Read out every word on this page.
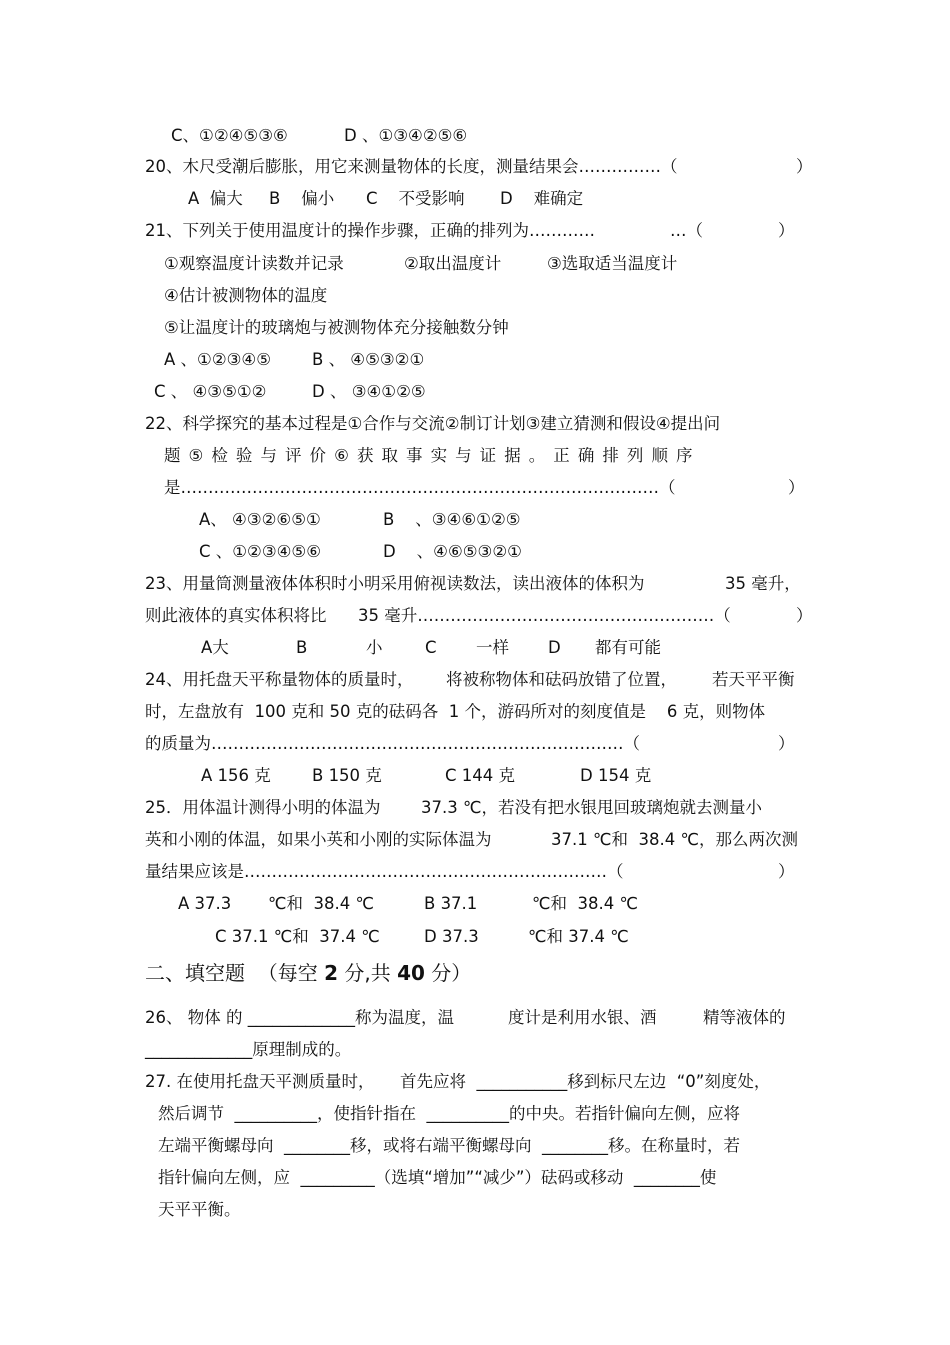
C、①②④⑤③⑥	D 、①③④②⑤⑥
20、木尺受潮后膨胀，用它来测量物体的长度，测量结果会……………（	）
A  偏大 B    偏小 C    不受影响 D    难确定
21、下列关于使用温度计的操作步骤，正确的排列为…………	…（	）
①观察温度计读数并记录	②取出温度计	③选取适当温度计
④估计被测物体的温度
⑤让温度计的玻璃炮与被测物体充分接触数分钟
A 、①②③④⑤ B 、 ④⑤③②①
C 、 ④③⑤①②	D 、 ③④①②⑤
22、科学探究的基本过程是①合作与交流②制订计划③建立猜测和假设④提出问
题 ⑤ 检 验 与 评 价 ⑥ 获 取 事 实 与 证 据 。 正 确 排 列 顺 序
是……………………………………………………………………………（	）
A、 ④③②⑥⑤①	B    、③④⑥①②⑤
C 、①②③④⑤⑥	D    、④⑥⑤③②①
23、用量筒测量液体体积时小明采用俯视读数法，读出液体的体积为	35 毫升，
则此液体的真实体积将比 35 毫升………………………………………………（	）
A大	B	小	C 一样 D 都有可能
24、用托盘天平称量物体的质量时， 将被称物体和砝码放错了位置， 若天平平衡
时，左盘放有  100 克和 50 克的砝码各  1 个，游码所对的刻度值是    6 克，则物体
的质量为…………………………………………………………………（	）
A 156 克 B 150 克	C 144 克	D 154 克
25．用体温计测得小明的体温为 37.3 ℃，若没有把水银甩回玻璃炮就去测量小
英和小刚的体温，如果小英和小刚的实际体温为	37.1 ℃和  38.4 ℃，那么两次测
量结果应该是…………………………………………………………（	）
A 37.3 ℃和  38.4 ℃	B 37.1	℃和  38.4 ℃
C 37.1 ℃和  37.4 ℃	D 37.3	℃和 37.4 ℃
二、填空题  （每空 2 分,共 40 分）
26、 物体 的 _____________称为温度，温	度计是利用水银、酒	精等液体的
_____________原理制成的。
27. 在使用托盘天平测质量时， 首先应将  ___________移到标尺左边  “0”刻度处，
然后调节  __________，使指针指在  __________的中央。若指针偏向左侧，应将
左端平衡螺母向  ________移，或将右端平衡螺母向  ________移。在称量时，若
指针偏向左侧，应  _________（选填“增加”“减少”）砝码或移动  ________使
天平平衡。
